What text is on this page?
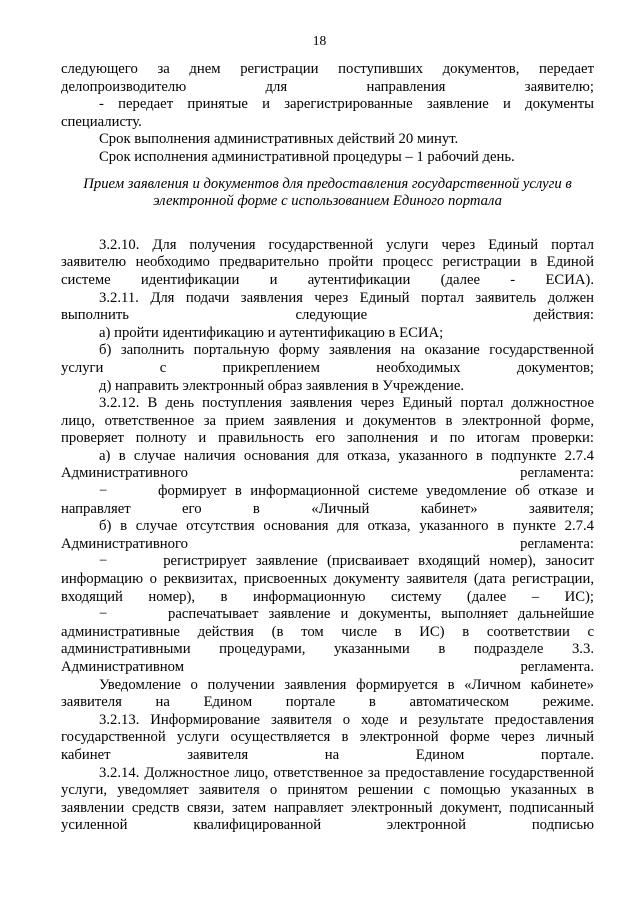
18

следующего за днем регистрации поступивших документов, передает делопроизводителю для направления заявителю;

- передает принятые и зарегистрированные заявление и документы специалисту.

Срок выполнения административных действий 20 минут.

Срок исполнения административной процедуры – 1 рабочий день.

Прием заявления и документов для предоставления государственной услуги в электронной форме с использованием Единого портала

3.2.10. Для получения государственной услуги через Единый портал заявителю необходимо предварительно пройти процесс регистрации в Единой системе идентификации и аутентификации (далее - ЕСИА).

3.2.11. Для подачи заявления через Единый портал заявитель должен выполнить следующие действия:

а) пройти идентификацию и аутентификацию в ЕСИА;

б) заполнить портальную форму заявления на оказание государственной услуги с прикреплением необходимых документов;

д) направить электронный образ заявления в Учреждение.

3.2.12. В день поступления заявления через Единый портал должностное лицо, ответственное за прием заявления и документов в электронной форме, проверяет полноту и правильность его заполнения и по итогам проверки:

а) в случае наличия основания для отказа, указанного в подпункте 2.7.4 Административного регламента:

−	формирует в информационной системе уведомление об отказе и направляет его в «Личный кабинет» заявителя;

б) в случае отсутствия основания для отказа, указанного в пункте 2.7.4 Административного регламента:

−	регистрирует заявление (присваивает входящий номер), заносит информацию о реквизитах, присвоенных документу заявителя (дата регистрации, входящий номер), в информационную систему (далее – ИС);

−	распечатывает заявление и документы, выполняет дальнейшие административные действия (в том числе в ИС) в соответствии с административными процедурами, указанными в подразделе 3.3. Административном регламента.

Уведомление о получении заявления формируется в «Личном кабинете» заявителя на Едином портале в автоматическом режиме.

3.2.13. Информирование заявителя о ходе и результате предоставления государственной услуги осуществляется в электронной форме через личный кабинет заявителя на Едином портале.

3.2.14. Должностное лицо, ответственное за предоставление государственной услуги, уведомляет заявителя о принятом решении с помощью указанных в заявлении средств связи, затем направляет электронный документ, подписанный усиленной квалифицированной электронной подписью
